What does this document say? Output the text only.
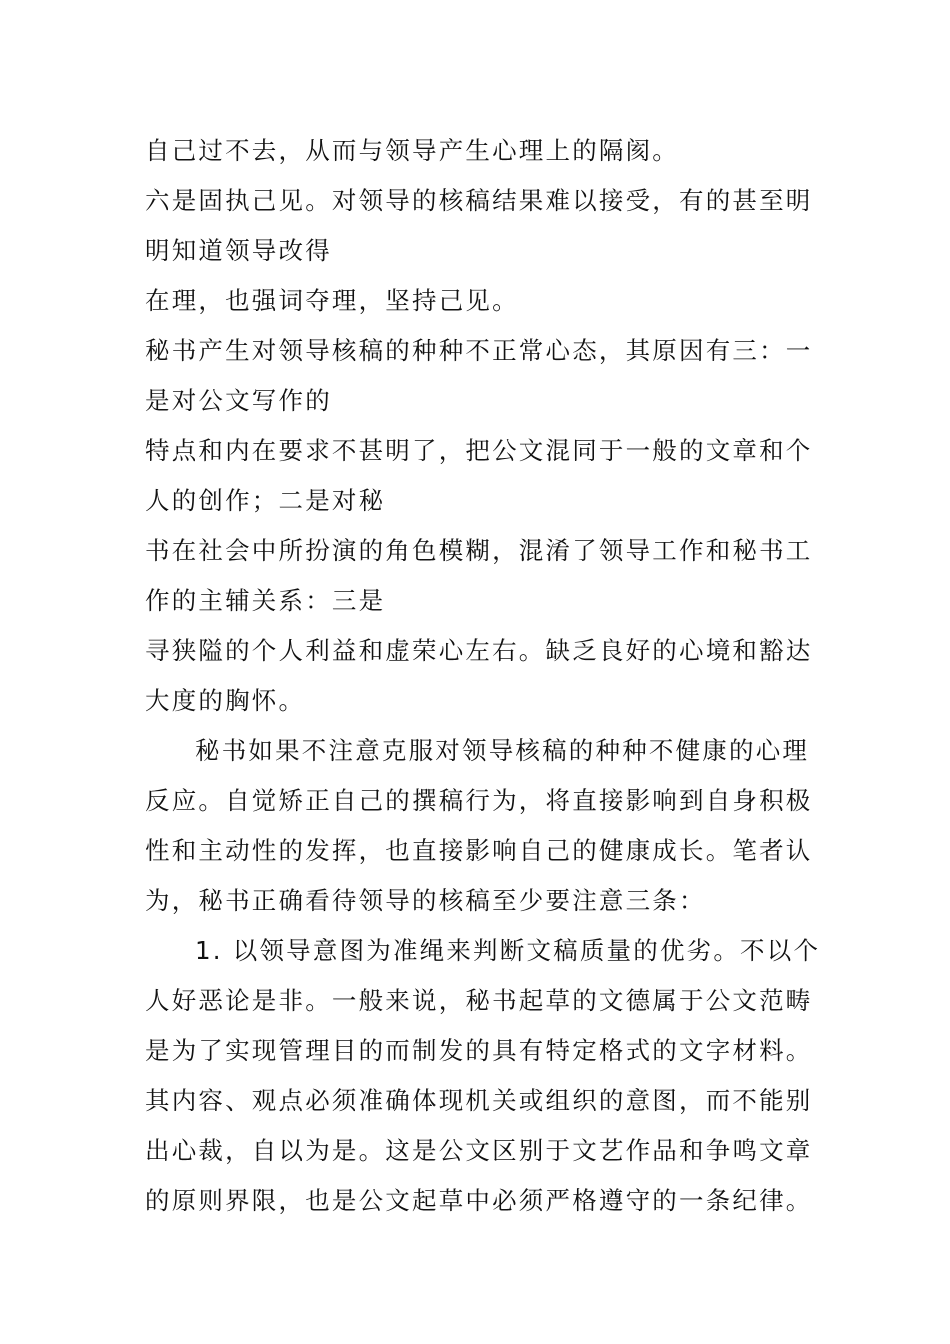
自己过不去，从而与领导产生心理上的隔阂。
六是固执己见。对领导的核稿结果难以接受，有的甚至明
明知道领导改得
在理，也强词夺理，坚持己见。
秘书产生对领导核稿的种种不正常心态，其原因有三：一
是对公文写作的
特点和内在要求不甚明了，把公文混同于一般的文章和个
人的创作；二是对秘
书在社会中所扮演的角色模糊，混淆了领导工作和秘书工
作的主辅关系：三是
寻狭隘的个人利益和虚荣心左右。缺乏良好的心境和豁达
大度的胸怀。
秘书如果不注意克服对领导核稿的种种不健康的心理
反应。自觉矫正自己的撰稿行为，将直接影响到自身积极
性和主动性的发挥，也直接影响自己的健康成长。笔者认
为，秘书正确看待领导的核稿至少要注意三条：
1. 以领导意图为准绳来判断文稿质量的优劣。不以个
人好恶论是非。一般来说，秘书起草的文德属于公文范畴
是为了实现管理目的而制发的具有特定格式的文字材料。
其内容、观点必须准确体现机关或组织的意图，而不能别
出心裁，自以为是。这是公文区别于文艺作品和争鸣文章
的原则界限，也是公文起草中必须严格遵守的一条纪律。
